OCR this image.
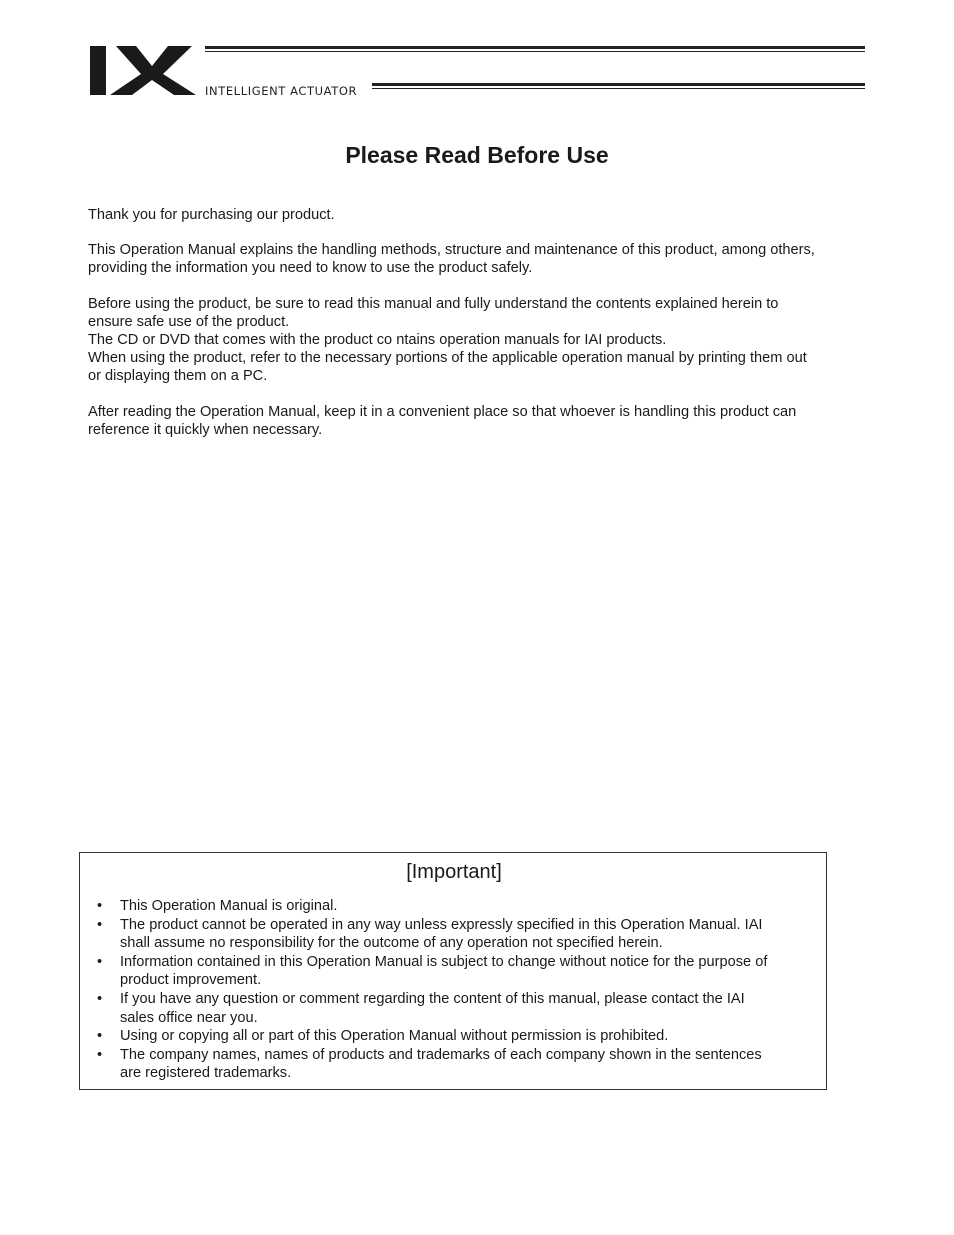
INTELLIGENT ACTUATOR
Please Read Before Use

Thank you for purchasing our product.

This Operation Manual explains the handling methods, structure and maintenance of this product, among others,

providing the information you need to know to use the product safely.

Before using the product, be sure to read this manual and fully understand the contents explained herein to

ensure safe use of the product.

The CD or DVD that comes with the product co ntains operation manuals for IAI products.

When using the product, refer to the necessary portions of the applicable operation manual by printing them out

or displaying them on a PC.

After reading the Operation Manual, keep it in a convenient place so that whoever is handling this product can

reference it quickly when necessary.

[Important]
• This Operation Manual is original.
• The product cannot be operated in any way unless expressly specified in this Operation Manual. IAI
shall assume no responsibility for the outcome of any operation not specified herein.
• Information contained in this Operation Manual is subject to change without notice for the purpose of
product improvement.
• If you have any question or comment regarding the content of this manual, please contact the IAI
sales office near you.
• Using or copying all or part of this Operation Manual without permission is prohibited.
• The company names, names of products and trademarks of each company shown in the sentences
are registered trademarks.
